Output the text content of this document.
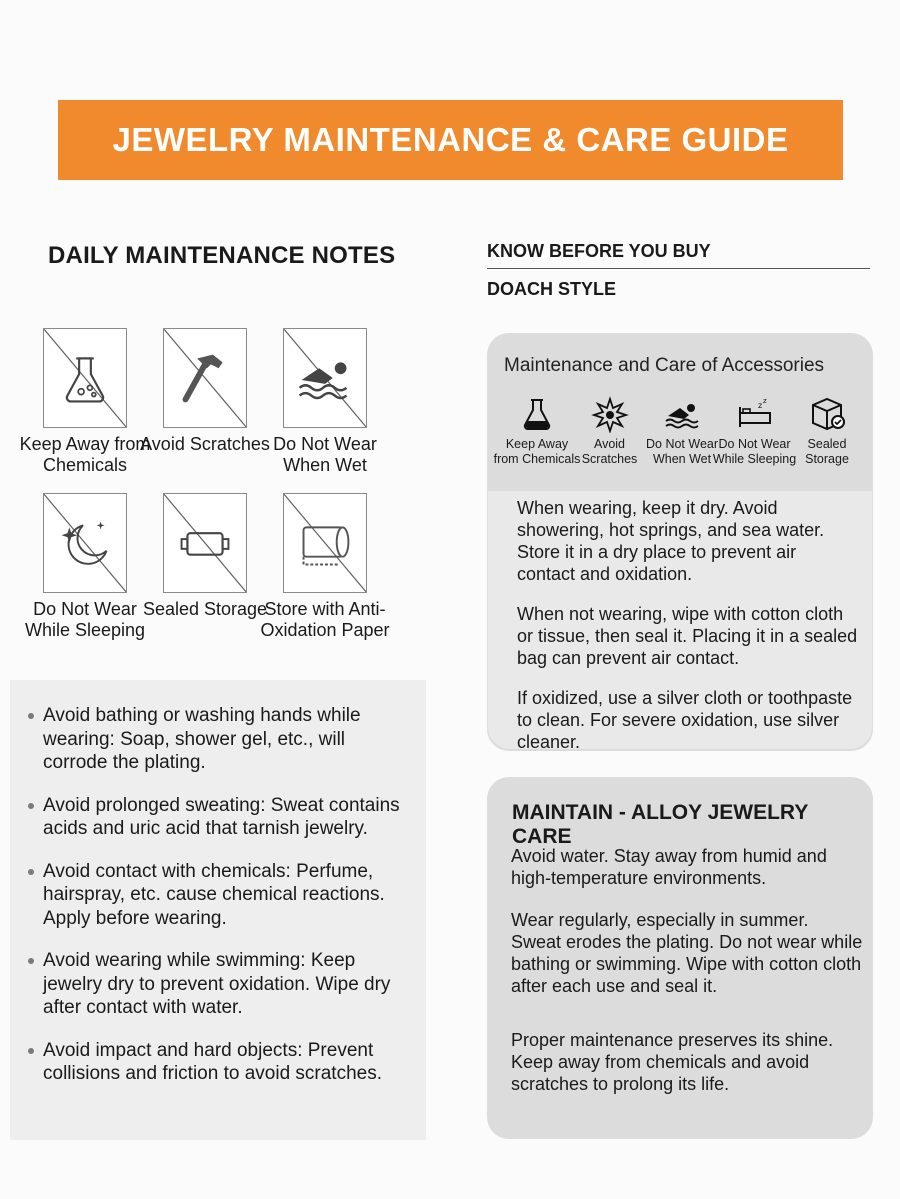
JEWELRY MAINTENANCE & CARE GUIDE
DAILY MAINTENANCE NOTES
Keep Away from Chemicals
Avoid Scratches Do Not Wear When Wet
Do Not Wear While Sleeping
Sealed Storage
Store with Anti-Oxidation Paper
Avoid bathing or washing hands while wearing: Soap, shower gel, etc., will corrode the plating.
Avoid prolonged sweating: Sweat contains acids and uric acid that tarnish jewelry.
Avoid contact with chemicals: Perfume, hairspray, etc. cause chemical reactions. Apply before wearing.
Avoid wearing while swimming: Keep jewelry dry to prevent oxidation. Wipe dry after contact with water.
Avoid impact and hard objects: Prevent collisions and friction to avoid scratches.
KNOW BEFORE YOU BUY
DOACH STYLE
Maintenance and Care of Accessories
Keep Away
from Chemicals
Avoid
Scratches
Do Not Wear
When Wet
z z
Do Not Wear
While Sleeping
Sealed
Storage

When wearing, keep it dry. Avoid showering, hot springs, and sea water. Store it in a dry place to prevent air contact and oxidation.

When not wearing, wipe with cotton cloth or tissue, then seal it. Placing it in a sealed bag can prevent air contact.

If oxidized, use a silver cloth or toothpaste to clean. For severe oxidation, use silver cleaner.

MAINTAIN - ALLOY JEWELRY CARE

Avoid water. Stay away from humid and high-temperature environments.

Wear regularly, especially in summer. Sweat erodes the plating. Do not wear while bathing or swimming. Wipe with cotton cloth after each use and seal it.

Proper maintenance preserves its shine. Keep away from chemicals and avoid scratches to prolong its life.
